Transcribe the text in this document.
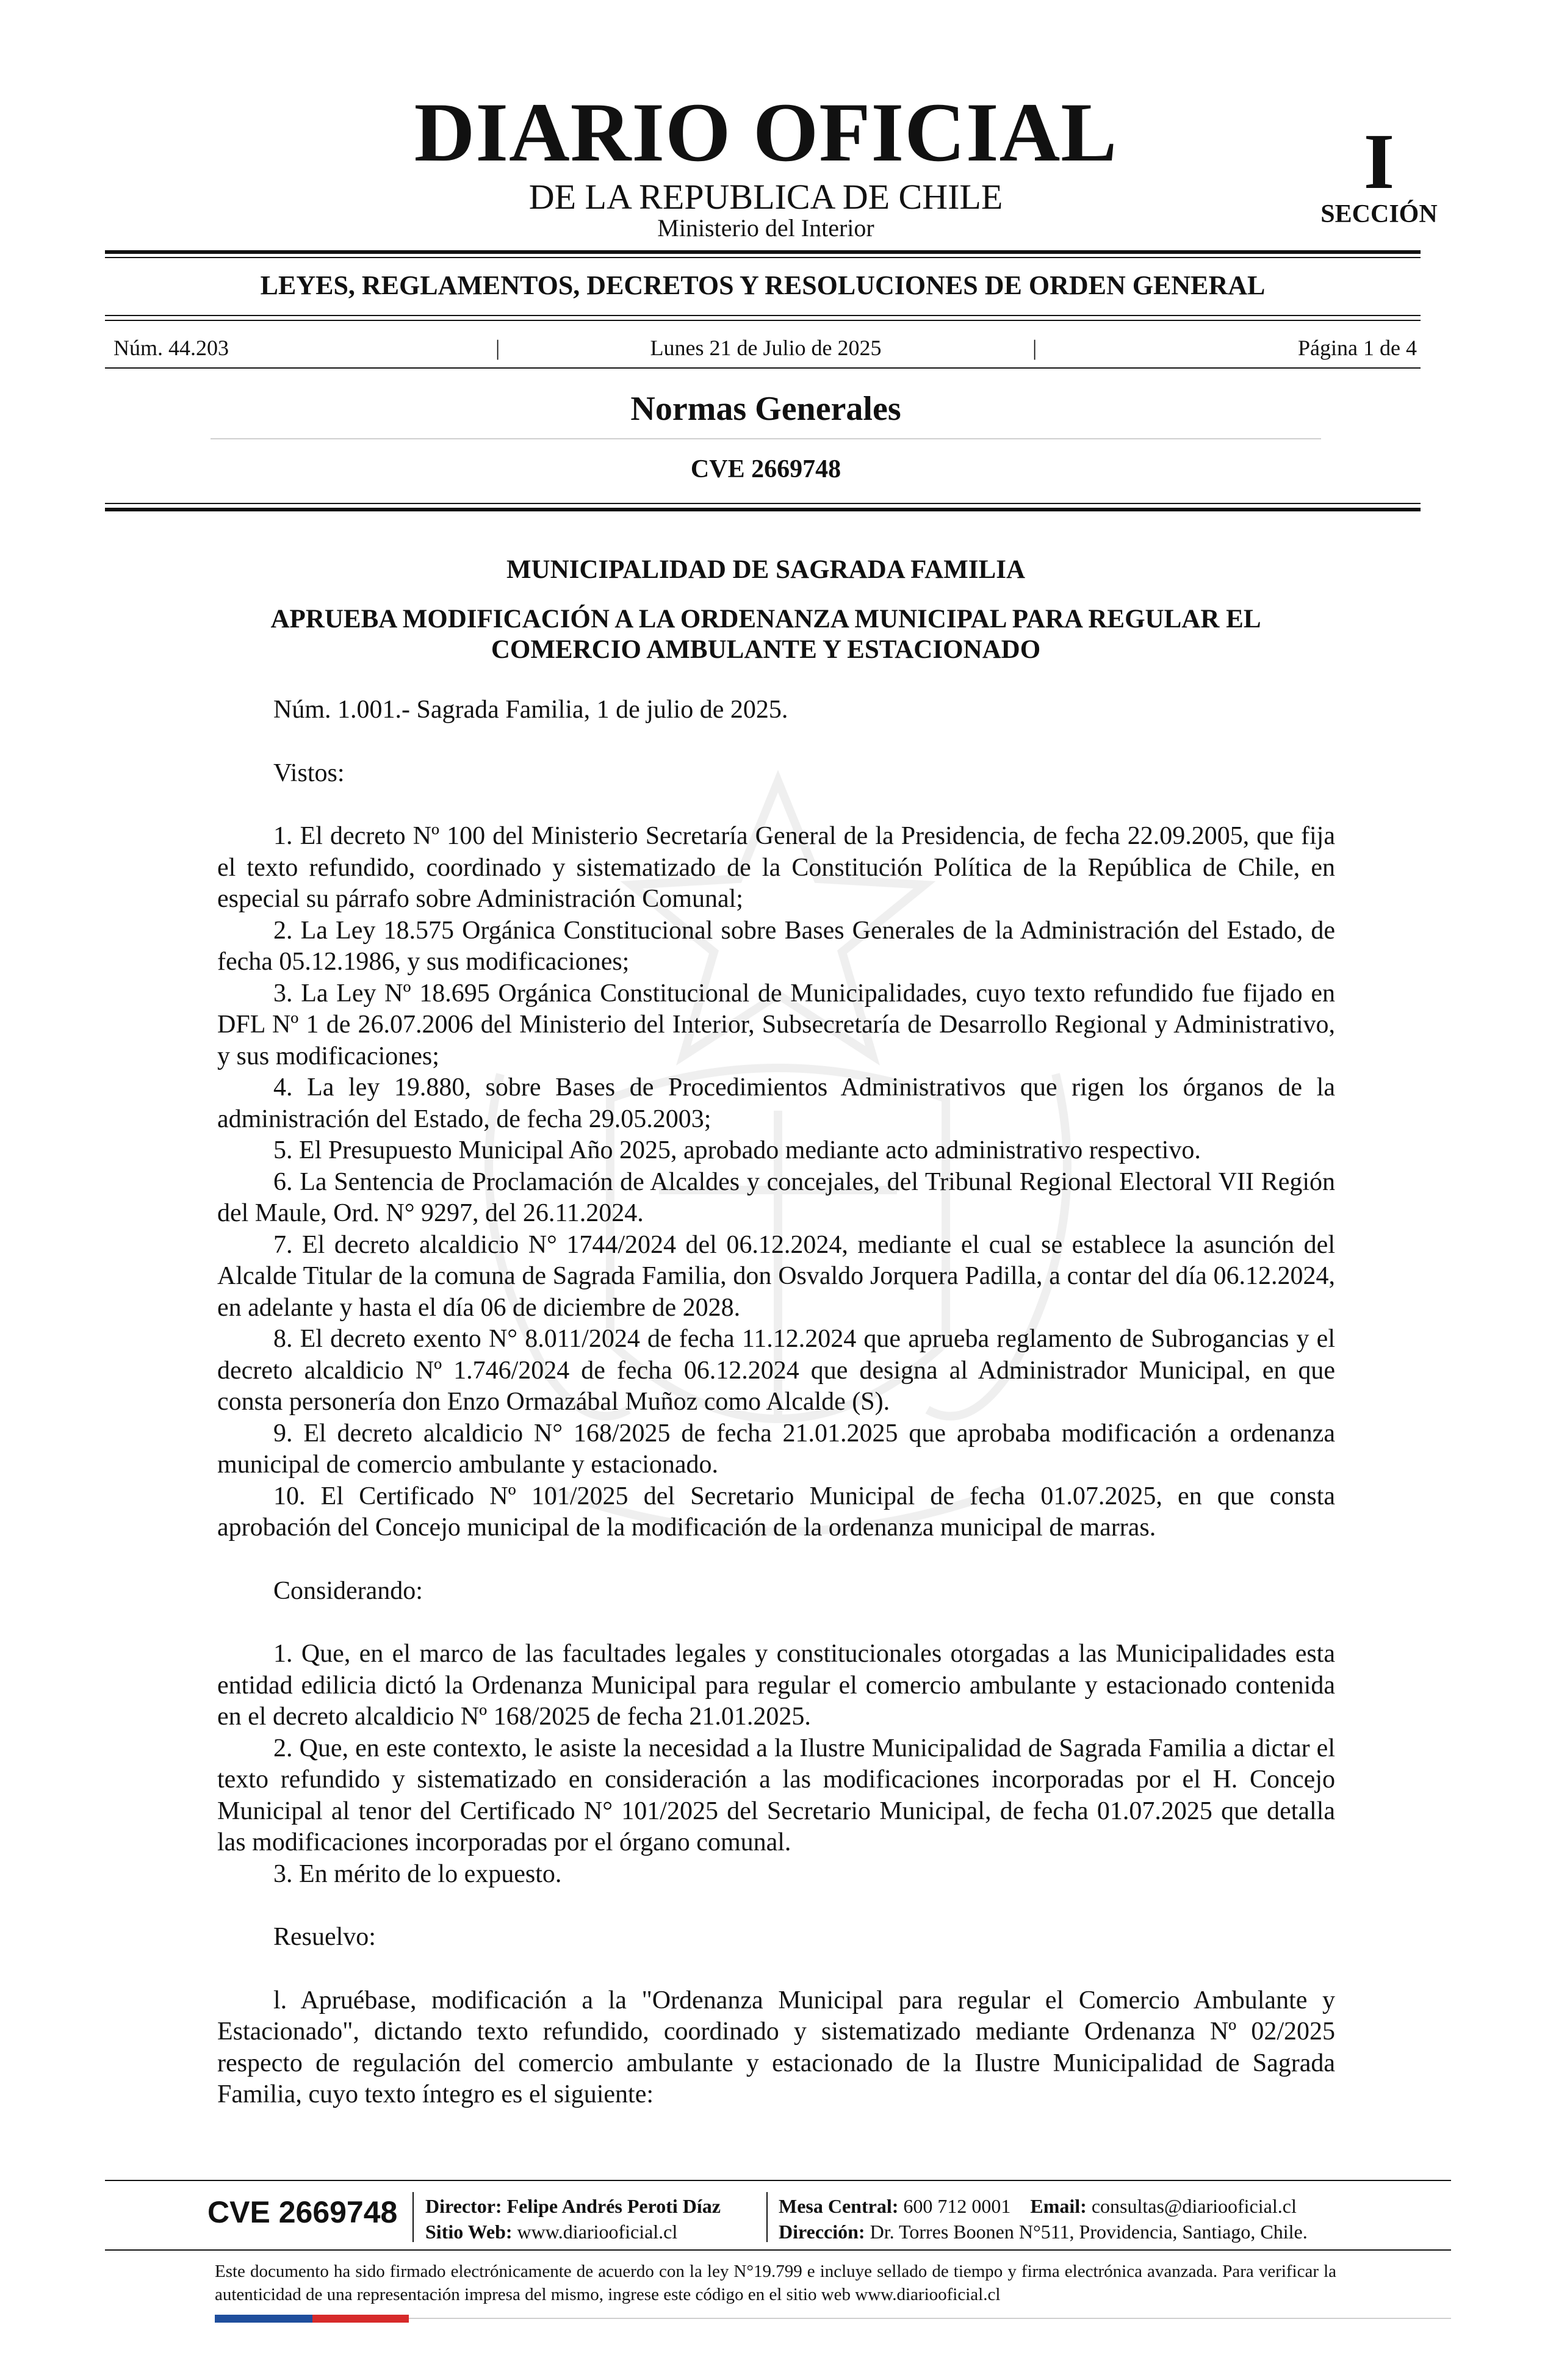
DIARIO OFICIAL
DE LA REPUBLICA DE CHILE
Ministerio del Interior
I
SECCIÓN
LEYES, REGLAMENTOS, DECRETOS Y RESOLUCIONES DE ORDEN GENERAL
Núm. 44.203	|	Lunes 21 de Julio de 2025	|	Página 1 de 4
Normas Generales
CVE 2669748
MUNICIPALIDAD DE SAGRADA FAMILIA
APRUEBA MODIFICACIÓN A LA ORDENANZA MUNICIPAL PARA REGULAR EL
COMERCIO AMBULANTE Y ESTACIONADO

Núm. 1.001.- Sagrada Familia, 1 de julio de 2025.

Vistos:

1. El decreto Nº 100 del Ministerio Secretaría General de la Presidencia, de fecha 22.09.2005, que fija el texto refundido, coordinado y sistematizado de la Constitución Política de la República de Chile, en especial su párrafo sobre Administración Comunal;

2. La Ley 18.575 Orgánica Constitucional sobre Bases Generales de la Administración del Estado, de fecha 05.12.1986, y sus modificaciones;

3. La Ley Nº 18.695 Orgánica Constitucional de Municipalidades, cuyo texto refundido fue fijado en DFL Nº 1 de 26.07.2006 del Ministerio del Interior, Subsecretaría de Desarrollo Regional y Administrativo, y sus modificaciones;

4. La ley 19.880, sobre Bases de Procedimientos Administrativos que rigen los órganos de la administración del Estado, de fecha 29.05.2003;

5. El Presupuesto Municipal Año 2025, aprobado mediante acto administrativo respectivo.

6. La Sentencia de Proclamación de Alcaldes y concejales, del Tribunal Regional Electoral VII Región del Maule, Ord. N° 9297, del 26.11.2024.

7. El decreto alcaldicio N° 1744/2024 del 06.12.2024, mediante el cual se establece la asunción del Alcalde Titular de la comuna de Sagrada Familia, don Osvaldo Jorquera Padilla, a contar del día 06.12.2024, en adelante y hasta el día 06 de diciembre de 2028.

8. El decreto exento N° 8.011/2024 de fecha 11.12.2024 que aprueba reglamento de Subrogancias y el decreto alcaldicio Nº 1.746/2024 de fecha 06.12.2024 que designa al Administrador Municipal, en que consta personería don Enzo Ormazábal Muñoz como Alcalde (S).

9. El decreto alcaldicio N° 168/2025 de fecha 21.01.2025 que aprobaba modificación a ordenanza municipal de comercio ambulante y estacionado.

10. El Certificado Nº 101/2025 del Secretario Municipal de fecha 01.07.2025, en que consta aprobación del Concejo municipal de la modificación de la ordenanza municipal de marras.

Considerando:

1. Que, en el marco de las facultades legales y constitucionales otorgadas a las Municipalidades esta entidad edilicia dictó la Ordenanza Municipal para regular el comercio ambulante y estacionado contenida en el decreto alcaldicio Nº 168/2025 de fecha 21.01.2025.

2. Que, en este contexto, le asiste la necesidad a la Ilustre Municipalidad de Sagrada Familia a dictar el texto refundido y sistematizado en consideración a las modificaciones incorporadas por el H. Concejo Municipal al tenor del Certificado N° 101/2025 del Secretario Municipal, de fecha 01.07.2025 que detalla las modificaciones incorporadas por el órgano comunal.

3. En mérito de lo expuesto.

Resuelvo:

l. Apruébase, modificación a la "Ordenanza Municipal para regular el Comercio Ambulante y Estacionado", dictando texto refundido, coordinado y sistematizado mediante Ordenanza Nº 02/2025 respecto de regulación del comercio ambulante y estacionado de la Ilustre Municipalidad de Sagrada Familia, cuyo texto íntegro es el siguiente:

CVE 2669748 Director: Felipe Andrés Peroti Díaz
Sitio Web: www.diariooficial.cl
Mesa Central: 600 712 0001 Email: consultas@diariooficial.cl
Dirección: Dr. Torres Boonen N°511, Providencia, Santiago, Chile.
Este documento ha sido firmado electrónicamente de acuerdo con la ley N°19.799 e incluye sellado de tiempo y firma electrónica avanzada. Para verificar la autenticidad de una representación impresa del mismo, ingrese este código en el sitio web www.diariooficial.cl
